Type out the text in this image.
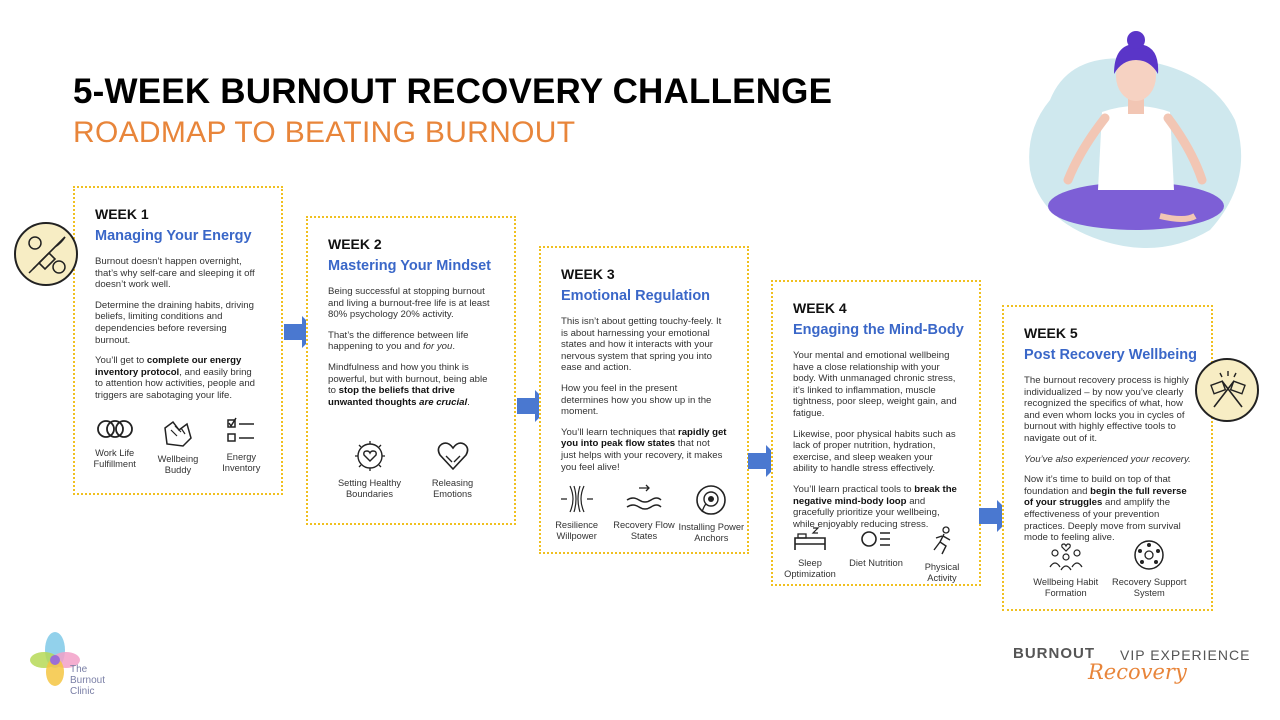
5-WEEK BURNOUT RECOVERY CHALLENGE
ROADMAP TO BEATING BURNOUT
WEEK 1
Managing Your Energy

Burnout doesn’t happen overnight, that’s why self-care and sleeping it off doesn’t work well.

Determine the draining habits, driving beliefs, limiting conditions and dependencies before reversing burnout.

You’ll get to complete our energy inventory protocol, and easily bring to attention how activities, people and triggers are sabotaging your life.

Work Life Fulfillment	Wellbeing Buddy
Energy Inventory
WEEK 2
Mastering Your Mindset

Being successful at stopping burnout and living a burnout-free life is at least 80% psychology 20% activity.

That’s the difference between life happening to you and for you.

Mindfulness and how you think is powerful, but with burnout, being able to stop the beliefs that drive unwanted thoughts are crucial.

Setting Healthy Boundaries
Releasing Emotions
WEEK 3
Emotional Regulation

This isn’t about getting touchy-feely. It is about harnessing your emotional states and how it interacts with your nervous system that spring you into ease and action.

How you feel in the present determines how you show up in the moment.

You’ll learn techniques that rapidly get you into peak flow states that not just helps with your recovery, it makes you feel alive!

Resilience Willpower
Recovery Flow States
Installing Power Anchors
WEEK 4
Engaging the Mind-Body

Your mental and emotional wellbeing have a close relationship with your body. With unmanaged chronic stress, it’s linked to inflammation, muscle tightness, poor sleep, weight gain, and fatigue.

Likewise, poor physical habits such as lack of proper nutrition, hydration, exercise, and sleep weaken your ability to handle stress effectively.

You’ll learn practical tools to break the negative mind-body loop and gracefully prioritize your wellbeing, while enjoyably reducing stress.

Sleep Optimization
Diet Nutrition	Physical Activity
WEEK 5
Post Recovery Wellbeing

The burnout recovery process is highly individualized – by now you’ve clearly recognized the specifics of what, how and even whom locks you in cycles of burnout with highly effective tools to navigate out of it.

You’ve also experienced your recovery.

Now it’s time to build on top of that foundation and begin the full reverse of your struggles and amplify the effectiveness of your prevention practices. Deeply move from survival mode to feeling alive.

Wellbeing Habit Formation
Recovery Support System
The
Burnout
Clinic
BURNOUT VIP EXPERIENCE
Recovery
